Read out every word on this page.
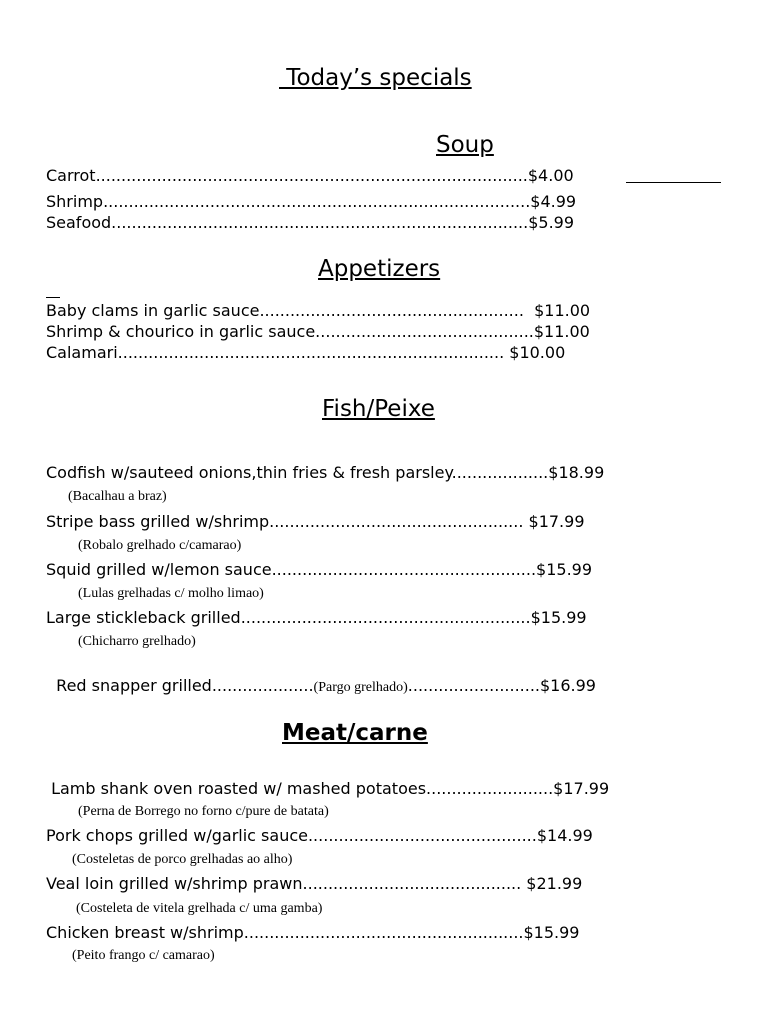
Today’s specials
Soup
Carrot.....................................................................................$4.00
Shrimp....................................................................................$4.99
Seafood..................................................................................$5.99
Appetizers
Baby clams in garlic sauce....................................................  $11.00
Shrimp & chourico in garlic sauce...........................................$11.00
Calamari............................................................................ $10.00
Fish/Peixe
Codfish w/sauteed onions,thin fries & fresh parsley...................$18.99
(Bacalhau a braz)
Stripe bass grilled w/shrimp.................................................. $17.99
(Robalo grelhado c/camarao)
Squid grilled w/lemon sauce....................................................$15.99
(Lulas grelhadas c/ molho limao)
Large stickleback grilled.........................................................$15.99
(Chicharro grelhado)

Red snapper grilled....................(Pargo grelhado)..........................$16.99

Meat/carne
Lamb shank oven roasted w/ mashed potatoes.........................$17.99
(Perna de Borrego no forno c/pure de batata)
Pork chops grilled w/garlic sauce.............................................$14.99
(Costeletas de porco grelhadas ao alho)
Veal loin grilled w/shrimp prawn........................................... $21.99
(Costeleta de vitela grelhada c/ uma gamba)
Chicken breast w/shrimp.......................................................$15.99
(Peito frango c/ camarao)
